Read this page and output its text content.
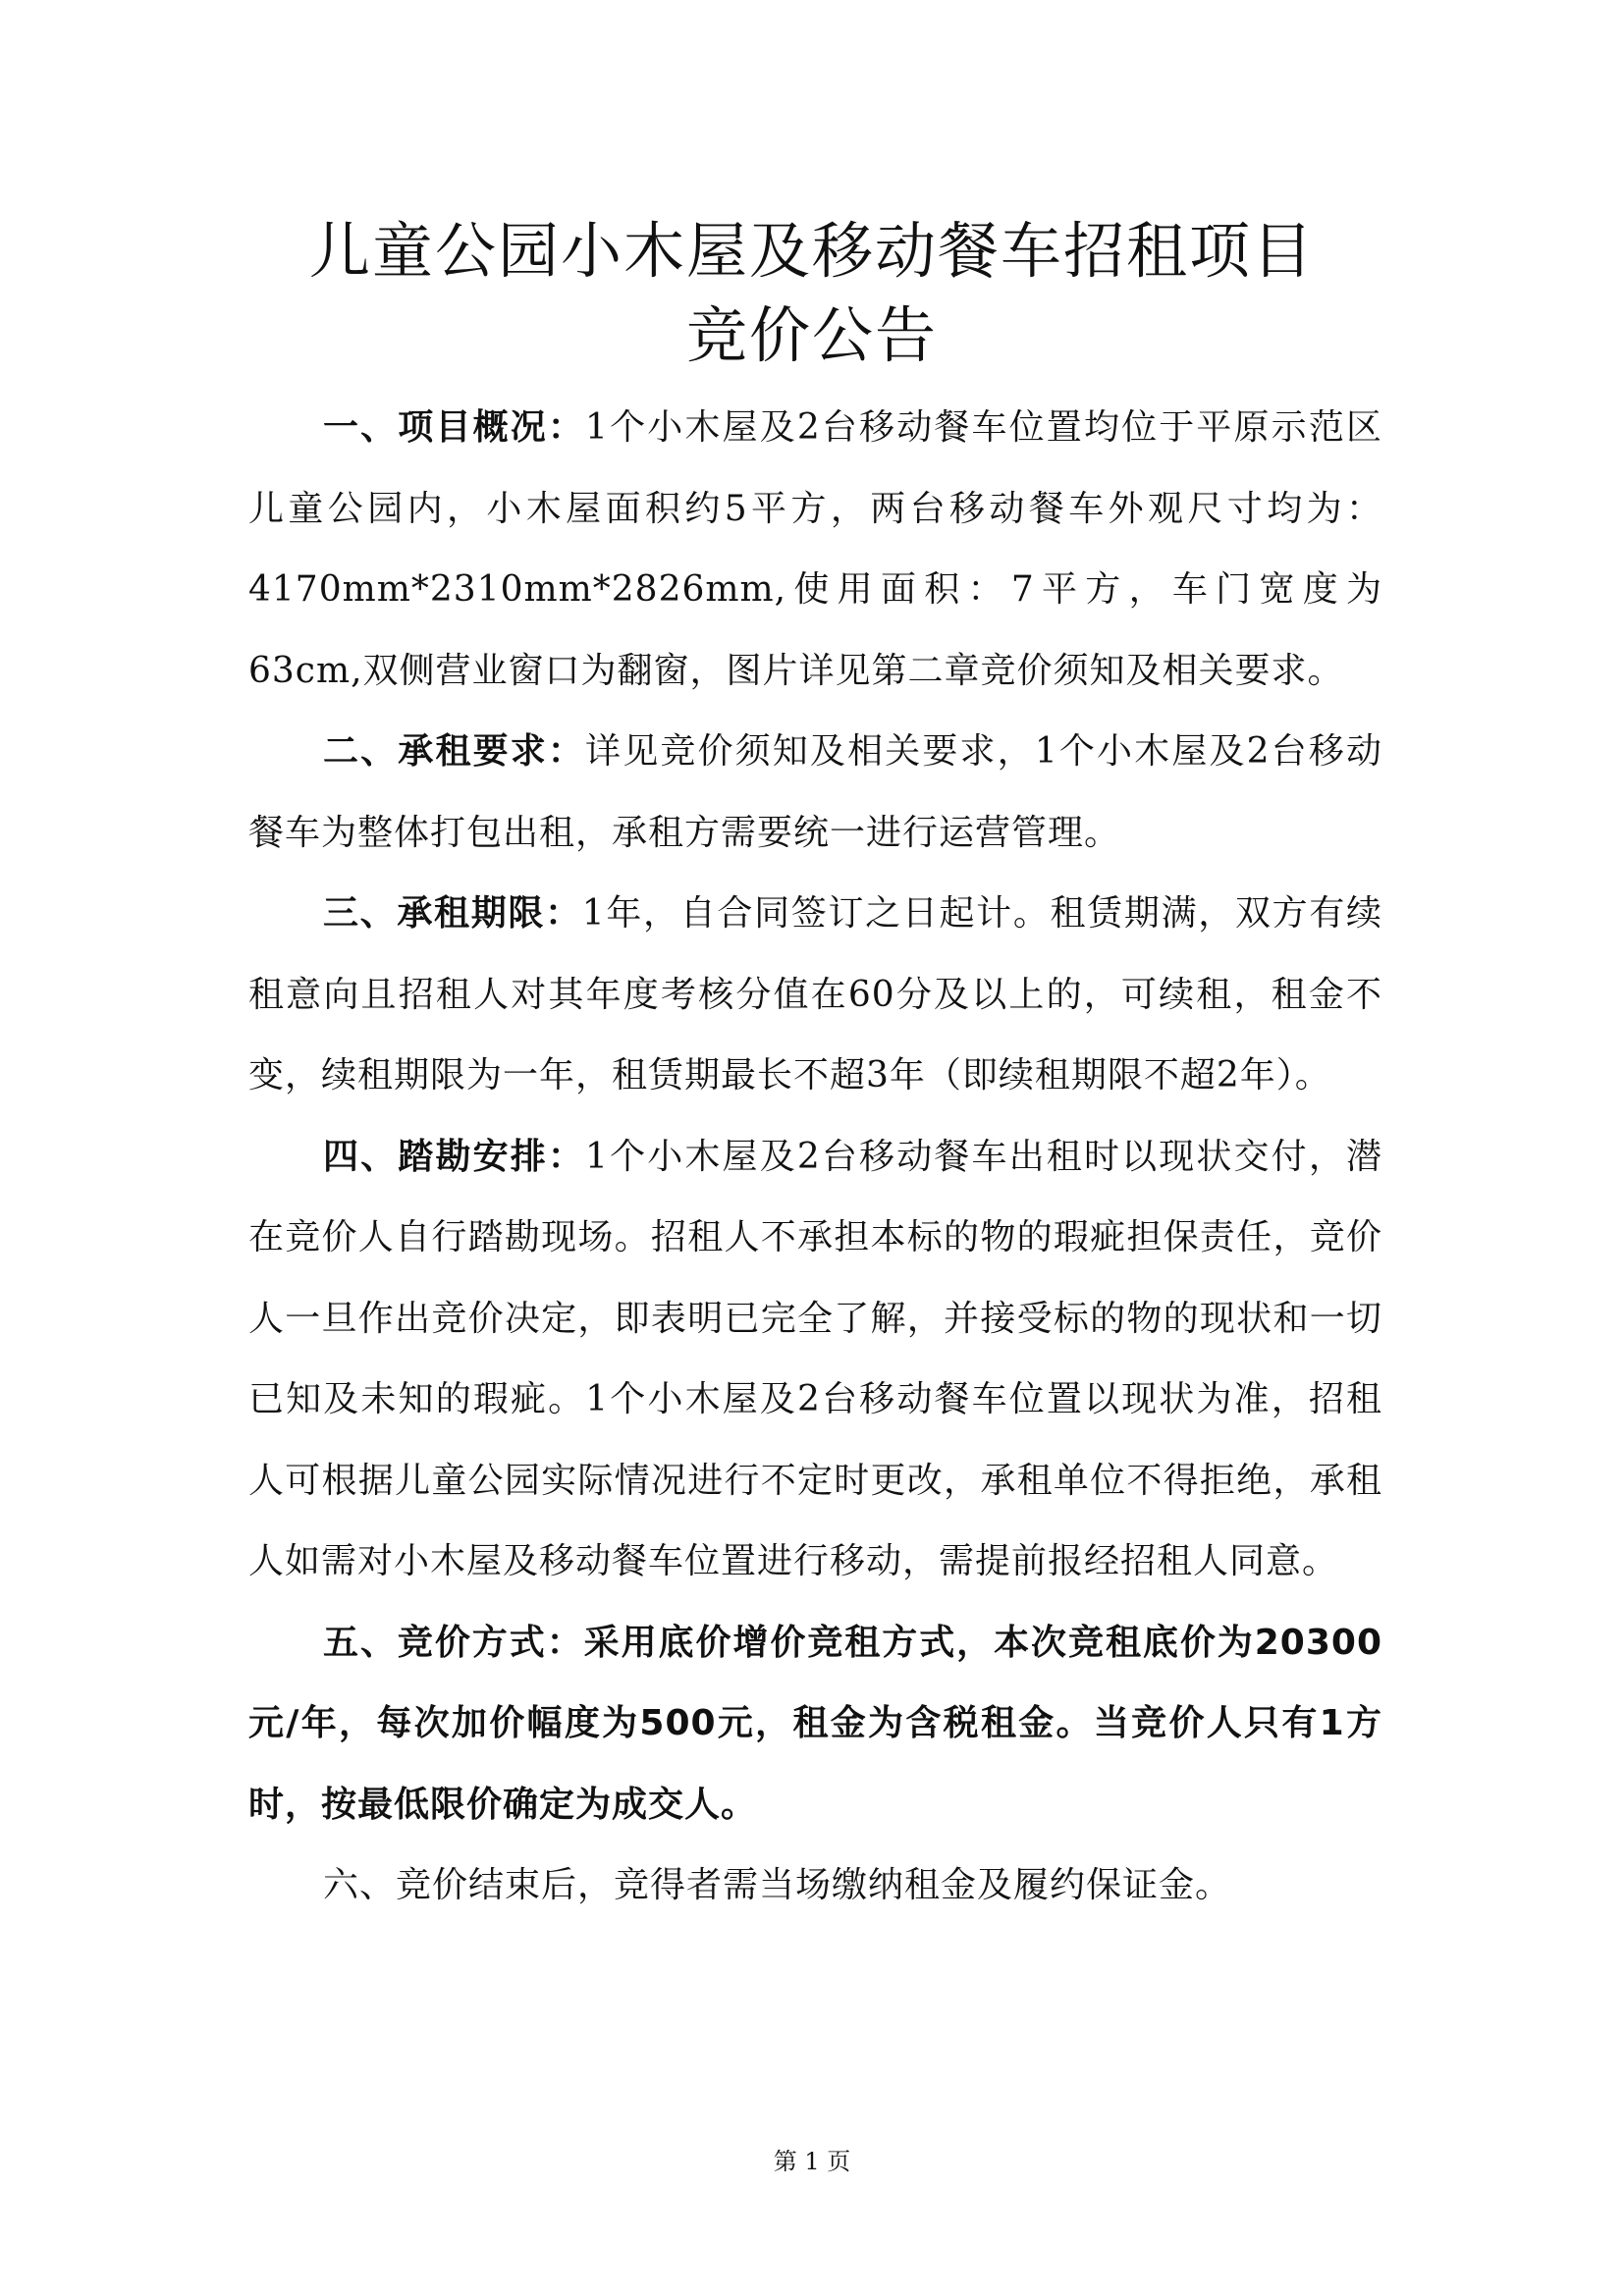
儿童公园小木屋及移动餐车招租项目
竞价公告

一、项目概况：1个小木屋及2台移动餐车位置均位于平原示范区儿童公园内，小木屋面积约5平方，两台移动餐车外观尺寸均为：4170mm*2310mm*2826mm,使用面积：7平方，车门宽度为63cm,双侧营业窗口为翻窗，图片详见第二章竞价须知及相关要求。

二、承租要求：详见竞价须知及相关要求，1个小木屋及2台移动餐车为整体打包出租，承租方需要统一进行运营管理。

三、承租期限：1年，自合同签订之日起计。租赁期满，双方有续租意向且招租人对其年度考核分值在60分及以上的，可续租，租金不变，续租期限为一年，租赁期最长不超3年（即续租期限不超2年）。

四、踏勘安排：1个小木屋及2台移动餐车出租时以现状交付，潜在竞价人自行踏勘现场。招租人不承担本标的物的瑕疵担保责任，竞价人一旦作出竞价决定，即表明已完全了解，并接受标的物的现状和一切已知及未知的瑕疵。1个小木屋及2台移动餐车位置以现状为准，招租人可根据儿童公园实际情况进行不定时更改，承租单位不得拒绝，承租人如需对小木屋及移动餐车位置进行移动，需提前报经招租人同意。

五、竞价方式：采用底价增价竞租方式，本次竞租底价为20300元/年，每次加价幅度为500元，租金为含税租金。当竞价人只有1方时，按最低限价确定为成交人。

六、竞价结束后，竞得者需当场缴纳租金及履约保证金。

第 1 页
